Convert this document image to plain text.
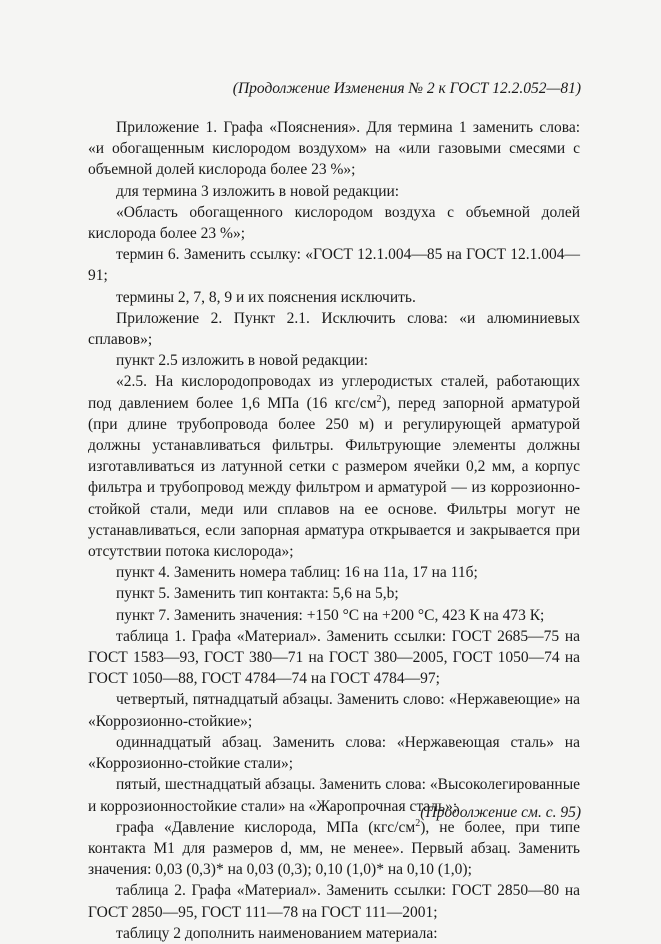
(Продолжение Изменения № 2 к ГОСТ 12.2.052—81)

Приложение 1. Графа «Пояснения». Для термина 1 заменить слова: «и обогащенным кислородом воздухом» на «или газовыми смесями с объемной долей кислорода более 23 %»;

для термина 3 изложить в новой редакции:

«Область обогащенного кислородом воздуха с объемной долей кислорода более 23 %»;

термин 6. Заменить ссылку: «ГОСТ 12.1.004—85 на ГОСТ 12.1.004—91;

термины 2, 7, 8, 9 и их пояснения исключить.

Приложение 2. Пункт 2.1. Исключить слова: «и алюминиевых сплавов»;

пункт 2.5 изложить в новой редакции:

«2.5. На кислородопроводах из углеродистых сталей, работающих под давлением более 1,6 МПа (16 кгс/$см^2$), перед запорной арматурой (при длине трубопровода более 250 м) и регулирующей арматурой должны устанавливаться фильтры. Фильтрующие элементы должны изготавливаться из латунной сетки с размером ячейки 0,2 мм, а корпус фильтра и трубопровод между фильтром и арматурой — из коррозионно-стойкой стали, меди или сплавов на ее основе. Фильтры могут не устанавливаться, если запорная арматура открывается и закрывается при отсутствии потока кислорода»;

пункт 4. Заменить номера таблиц: 16 на 11а, 17 на 11б;

пункт 5. Заменить тип контакта: 5,6 на 5,b;

пункт 7. Заменить значения: +150 °С на +200 °С, 423 К на 473 К;

таблица 1. Графа «Материал». Заменить ссылки: ГОСТ 2685—75 на ГОСТ 1583—93, ГОСТ 380—71 на ГОСТ 380—2005, ГОСТ 1050—74 на ГОСТ 1050—88, ГОСТ 4784—74 на ГОСТ 4784—97;

четвертый, пятнадцатый абзацы. Заменить слово: «Нержавеющие» на «Коррозионно-стойкие»;

одиннадцатый абзац. Заменить слова: «Нержавеющая сталь» на «Коррозионно-стойкие стали»;

пятый, шестнадцатый абзацы. Заменить слова: «Высоколегированные и коррозионностойкие стали» на «Жаропрочная сталь»;

графа «Давление кислорода, МПа $(кгс/см^2)$, не более, при типе контакта М1 для размеров d, мм, не менее». Первый абзац. Заменить значения: 0,03 (0,3)* на 0,03 (0,3); 0,10 (1,0)* на 0,10 (1,0);

таблица 2. Графа «Материал». Заменить ссылки: ГОСТ 2850—80 на ГОСТ 2850—95, ГОСТ 111—78 на ГОСТ 111—2001;

таблицу 2 дополнить наименованием материала:

(Продолжение см. с. 95)
